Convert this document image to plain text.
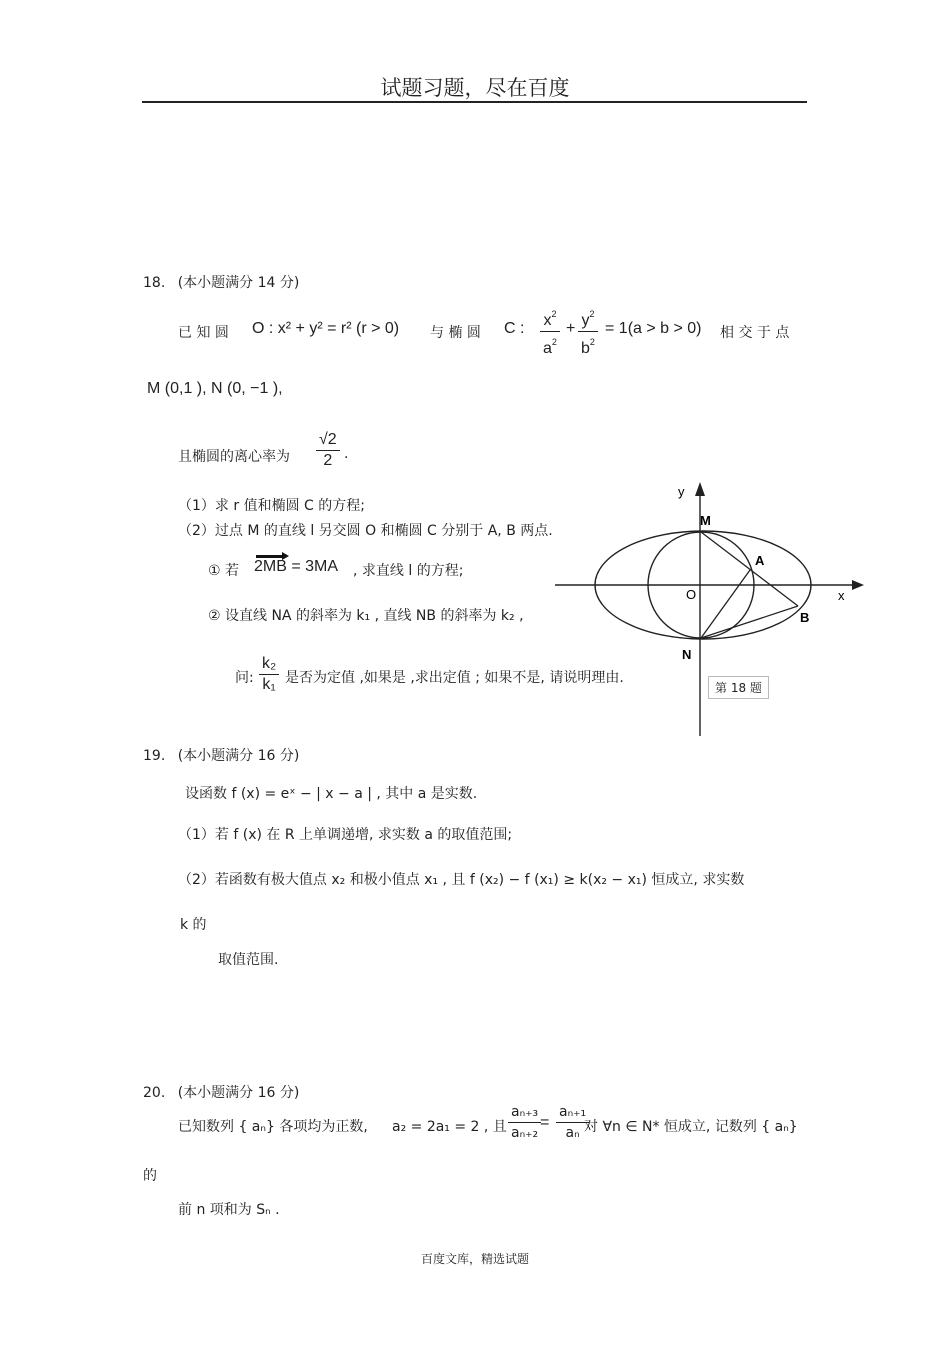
试题习题，尽在百度
18. (本小题满分 14 分)
已 知 圆 O : x² + y² = r² (r > 0) 与 椭 圆 C : $\frac{x^2}{a^2} + \frac{y^2}{b^2} = 1(a > b > 0)$ 相 交 于 点
M (0,1 ), N (0, −1 ),
且椭圆的离心率为 $\frac{√2}{2}$ .
（1）求 r 值和椭圆 C 的方程;
（2）过点 M 的直线 l 另交圆 O 和椭圆 C 分别于 A, B 两点.
① 若 2MB = 3MA , 求直线 l 的方程;
② 设直线 NA 的斜率为 k₁ , 直线 NB 的斜率为 k₂ ,
问: $\frac{\text{k₂}}{\text{k₁}}$ 是否为定值 ,如果是 ,求出定值 ; 如果不是, 请说明理由.
y
x
O
M
A
B
N
第 18 题
19. (本小题满分 16 分)
设函数 f (x) = eˣ − | x − a | , 其中 a 是实数.
（1）若 f (x) 在 R 上单调递增, 求实数 a 的取值范围;
（2）若函数有极大值点 x₂ 和极小值点 x₁ , 且 f (x₂) − f (x₁) ≥ k(x₂ − x₁) 恒成立, 求实数
k 的
取值范围.
20. (本小题满分 16 分)
已知数列 { aₙ} 各项均为正数, a₂ = 2a₁ = 2 , 且 $\frac{\text{aₙ₊₃}}{\text{aₙ₊₂}}$
= $\frac{\text{aₙ₊₁}}{\text{aₙ}}$
对 ∀n ∈ N* 恒成立, 记数列 { aₙ}
的
前 n 项和为 Sₙ .
百度文库，精选试题
